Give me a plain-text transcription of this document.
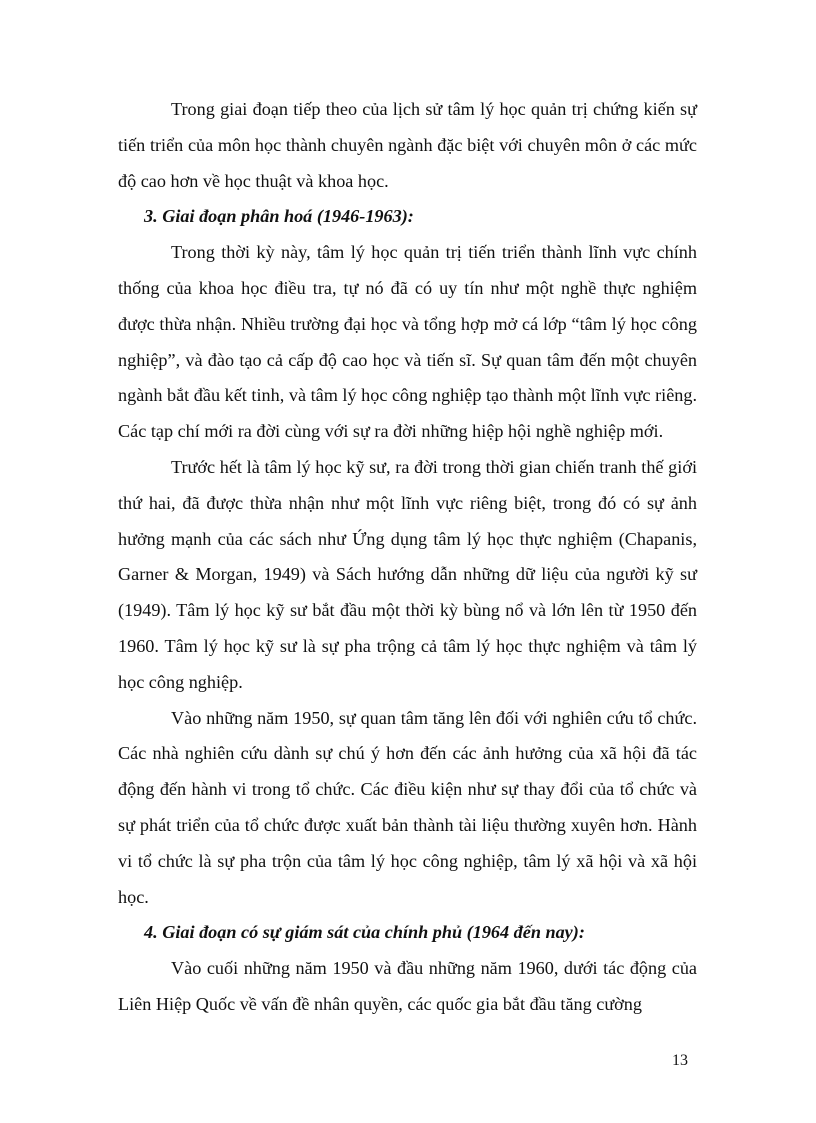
Trong giai đoạn tiếp theo của lịch sử tâm lý học quản trị chứng kiến sự tiến triển của môn học thành chuyên ngành đặc biệt với chuyên môn ở các mức độ cao hơn về học thuật và khoa học.

3. Giai đoạn phân hoá (1946-1963):

Trong thời kỳ này, tâm lý học quản trị tiến triển thành lĩnh vực chính thống của khoa học điều tra, tự nó đã có uy tín như một nghề thực nghiệm được thừa nhận. Nhiều trường đại học và tổng hợp mở cá lớp “tâm lý học công nghiệp”, và đào tạo cả cấp độ cao học và tiến sĩ. Sự quan tâm đến một chuyên ngành bắt đầu kết tinh, và tâm lý học công nghiệp tạo thành một lĩnh vực riêng. Các tạp chí mới ra đời cùng với sự ra đời những hiệp hội nghề nghiệp mới.

Trước hết là tâm lý học kỹ sư, ra đời trong thời gian chiến tranh thế giới thứ hai, đã được thừa nhận như một lĩnh vực riêng biệt, trong đó có sự ảnh hưởng mạnh của các sách như Ứng dụng tâm lý học thực nghiệm (Chapanis, Garner & Morgan, 1949) và Sách hướng dẫn những dữ liệu của người kỹ sư (1949). Tâm lý học kỹ sư bắt đầu một thời kỳ bùng nổ và lớn lên từ 1950 đến 1960. Tâm lý học kỹ sư là sự pha trộng cả tâm lý học thực nghiệm và tâm lý học công nghiệp.

Vào những năm 1950, sự quan tâm tăng lên đối với nghiên cứu tổ chức. Các nhà nghiên cứu dành sự chú ý hơn đến các ảnh hưởng của xã hội đã tác động đến hành vi trong tổ chức. Các điều kiện như sự thay đổi của tổ chức và sự phát triển của tổ chức được xuất bản thành tài liệu thường xuyên hơn. Hành vi tổ chức là sự pha trộn của tâm lý học công nghiệp, tâm lý xã hội và xã hội học.

4. Giai đoạn có sự giám sát của chính phủ (1964 đến nay):

Vào cuối những năm 1950 và đầu những năm 1960, dưới tác động của Liên Hiệp Quốc về vấn đề nhân quyền, các quốc gia bắt đầu tăng cường

13
